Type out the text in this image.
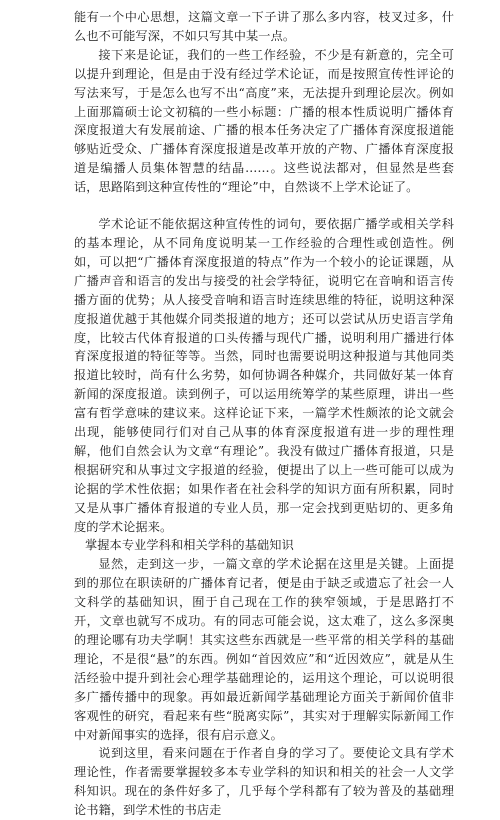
能有一个中心思想，这篇文章一下子讲了那么多内容，枝叉过多，什么也不可能写深，不如只写其中某一点。

接下来是论证，我们的一些工作经验，不少是有新意的，完全可以提升到理论，但是由于没有经过学术论证，而是按照宣传性评论的写法来写，于是怎么也写不出“高度”来，无法提升到理论层次。例如上面那篇硕士论文初稿的一些小标题：广播的根本性质说明广播体育深度报道大有发展前途、广播的根本任务决定了广播体育深度报道能够贴近受众、广播体育深度报道是改革开放的产物、广播体育深度报道是编播人员集体智慧的结晶……。这些说法都对，但显然是些套话，思路陷到这种宣传性的“理论”中，自然谈不上学术论证了。

学术论证不能依据这种宣传性的词句，要依据广播学或相关学科的基本理论，从不同角度说明某一工作经验的合理性或创造性。例如，可以把“广播体育深度报道的特点”作为一个较小的论证课题，从广播声音和语言的发出与接受的社会学特征，说明它在音响和语言传播方面的优势；从人接受音响和语言时连续思维的特征，说明这种深度报道优越于其他媒介同类报道的地方；还可以尝试从历史语言学角度，比较古代体育报道的口头传播与现代广播，说明利用广播进行体育深度报道的特征等等。当然，同时也需要说明这种报道与其他同类报道比较时，尚有什么劣势，如何协调各种媒介，共同做好某一体育新闻的深度报道。读到例子，可以运用统筹学的某些原理，讲出一些富有哲学意味的建议来。这样论证下来，一篇学术性颇浓的论文就会出现，能够使同行们对自己从事的体育深度报道有进一步的理性理解，他们自然会认为文章“有理论”。我没有做过广播体育报道，只是根据研究和从事过文字报道的经验，便提出了以上一些可能可以成为论据的学术性依据；如果作者在社会科学的知识方面有所积累，同时又是从事广播体育报道的专业人员，那一定会找到更贴切的、更多角度的学术论据来。

掌握本专业学科和相关学科的基础知识

显然，走到这一步，一篇文章的学术论据在这里是关键。上面提到的那位在职读研的广播体育记者，便是由于缺乏或遗忘了社会一人文科学的基础知识，囿于自己现在工作的狭窄领域，于是思路打不开，文章也就写不成功。有的同志可能会说，这太难了，这么多深奥的理论哪有功夫学啊！其实这些东西就是一些平常的相关学科的基础理论，不是很“悬”的东西。例如“首因效应”和“近因效应”，就是从生活经验中提升到社会心理学基础理论的，运用这个理论，可以说明很多广播传播中的现象。再如最近新闻学基础理论方面关于新闻价值非客观性的研究，看起来有些“脱离实际”，其实对于理解实际新闻工作中对新闻事实的选择，很有启示意义。

说到这里，看来问题在于作者自身的学习了。要使论文具有学术理论性，作者需要掌握较多本专业学科的知识和相关的社会一人文学科知识。现在的条件好多了，几乎每个学科都有了较为普及的基础理论书籍，到学术性的书店走
